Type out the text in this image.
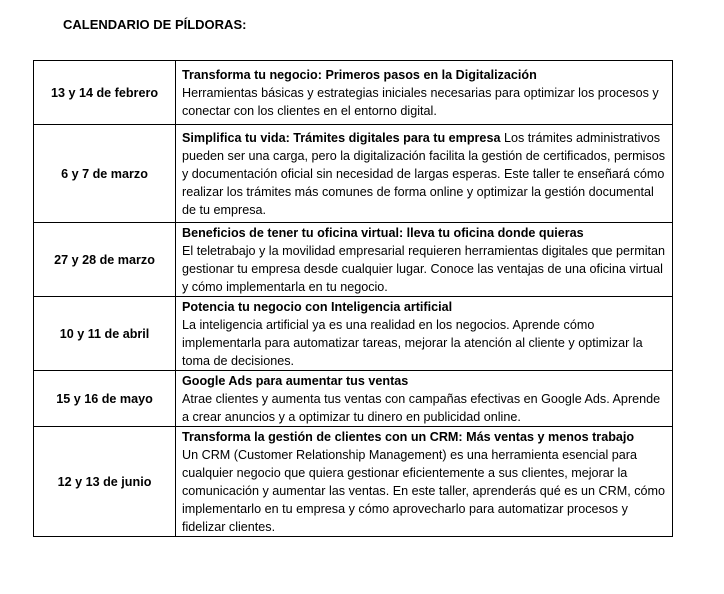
CALENDARIO DE PÍLDORAS:
13 y 14 de febrero	Transforma tu negocio: Primeros pasos en la Digitalización
Herramientas básicas y estrategias iniciales necesarias para optimizar los procesos y conectar con los clientes en el entorno digital.
6 y 7 de marzo	Simplifica tu vida: Trámites digitales para tu empresa Los trámites administrativos pueden ser una carga, pero la digitalización facilita la gestión de certificados, permisos y documentación oficial sin necesidad de largas esperas. Este taller te enseñará cómo realizar los trámites más comunes de forma online y optimizar la gestión documental de tu empresa.
27 y 28 de marzo	Beneficios de tener tu oficina virtual: lleva tu oficina donde quieras
El teletrabajo y la movilidad empresarial requieren herramientas digitales que permitan gestionar tu empresa desde cualquier lugar. Conoce las ventajas de una oficina virtual y cómo implementarla en tu negocio.
10 y 11 de abril	Potencia tu negocio con Inteligencia artificial
La inteligencia artificial ya es una realidad en los negocios. Aprende cómo implementarla para automatizar tareas, mejorar la atención al cliente y optimizar la toma de decisiones.
15 y 16 de mayo	Google Ads para aumentar tus ventas
Atrae clientes y aumenta tus ventas con campañas efectivas en Google Ads. Aprende a crear anuncios y a optimizar tu dinero en publicidad online.
12 y 13 de junio	Transforma la gestión de clientes con un CRM: Más ventas y menos trabajo
Un CRM (Customer Relationship Management) es una herramienta esencial para cualquier negocio que quiera gestionar eficientemente a sus clientes, mejorar la comunicación y aumentar las ventas. En este taller, aprenderás qué es un CRM, cómo implementarlo en tu empresa y cómo aprovecharlo para automatizar procesos y fidelizar clientes.
